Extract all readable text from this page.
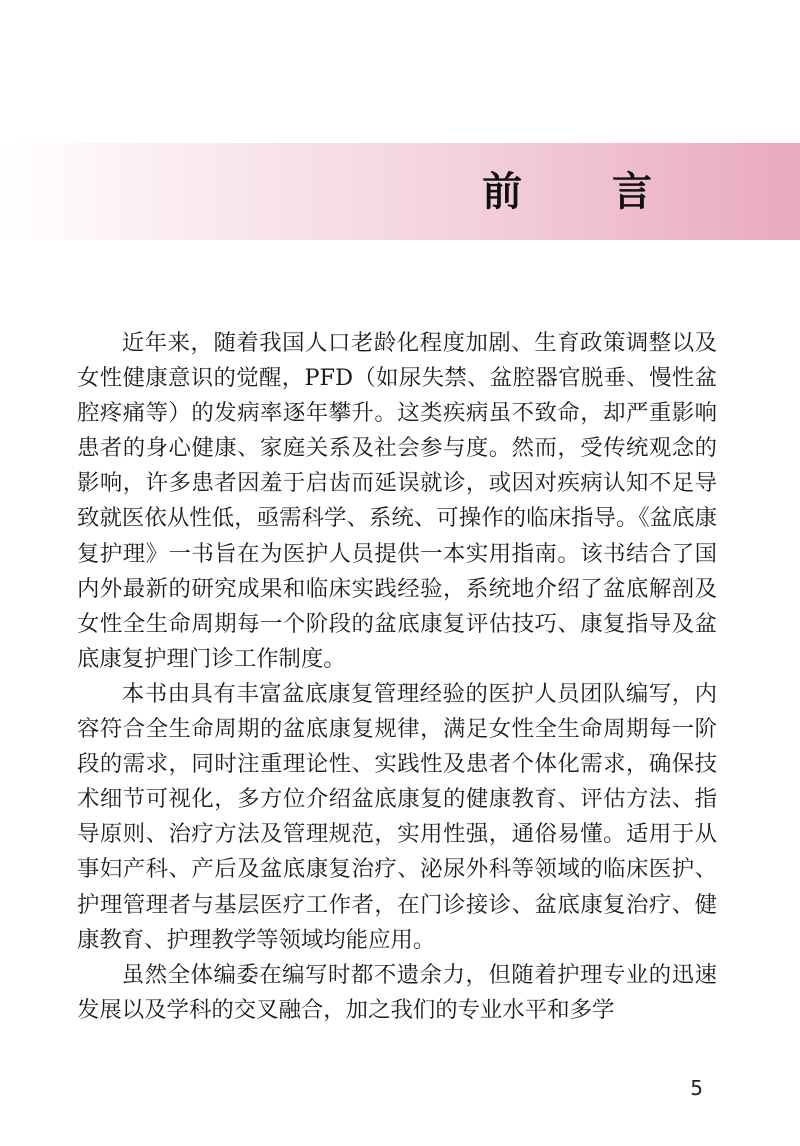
前 言

近年来，随着我国人口老龄化程度加剧、生育政策调整以及女性健康意识的觉醒，PFD（如尿失禁、盆腔器官脱垂、慢性盆腔疼痛等）的发病率逐年攀升。这类疾病虽不致命，却严重影响患者的身心健康、家庭关系及社会参与度。然而，受传统观念的影响，许多患者因羞于启齿而延误就诊，或因对疾病认知不足导致就医依从性低，亟需科学、系统、可操作的临床指导。《盆底康复护理》一书旨在为医护人员提供一本实用指南。该书结合了国内外最新的研究成果和临床实践经验，系统地介绍了盆底解剖及女性全生命周期每一个阶段的盆底康复评估技巧、康复指导及盆底康复护理门诊工作制度。

本书由具有丰富盆底康复管理经验的医护人员团队编写，内容符合全生命周期的盆底康复规律，满足女性全生命周期每一阶段的需求，同时注重理论性、实践性及患者个体化需求，确保技术细节可视化，多方位介绍盆底康复的健康教育、评估方法、指导原则、治疗方法及管理规范，实用性强，通俗易懂。适用于从事妇产科、产后及盆底康复治疗、泌尿外科等领域的临床医护、护理管理者与基层医疗工作者，在门诊接诊、盆底康复治疗、健康教育、护理教学等领域均能应用。

虽然全体编委在编写时都不遗余力，但随着护理专业的迅速发展以及学科的交叉融合，加之我们的专业水平和多学

5
